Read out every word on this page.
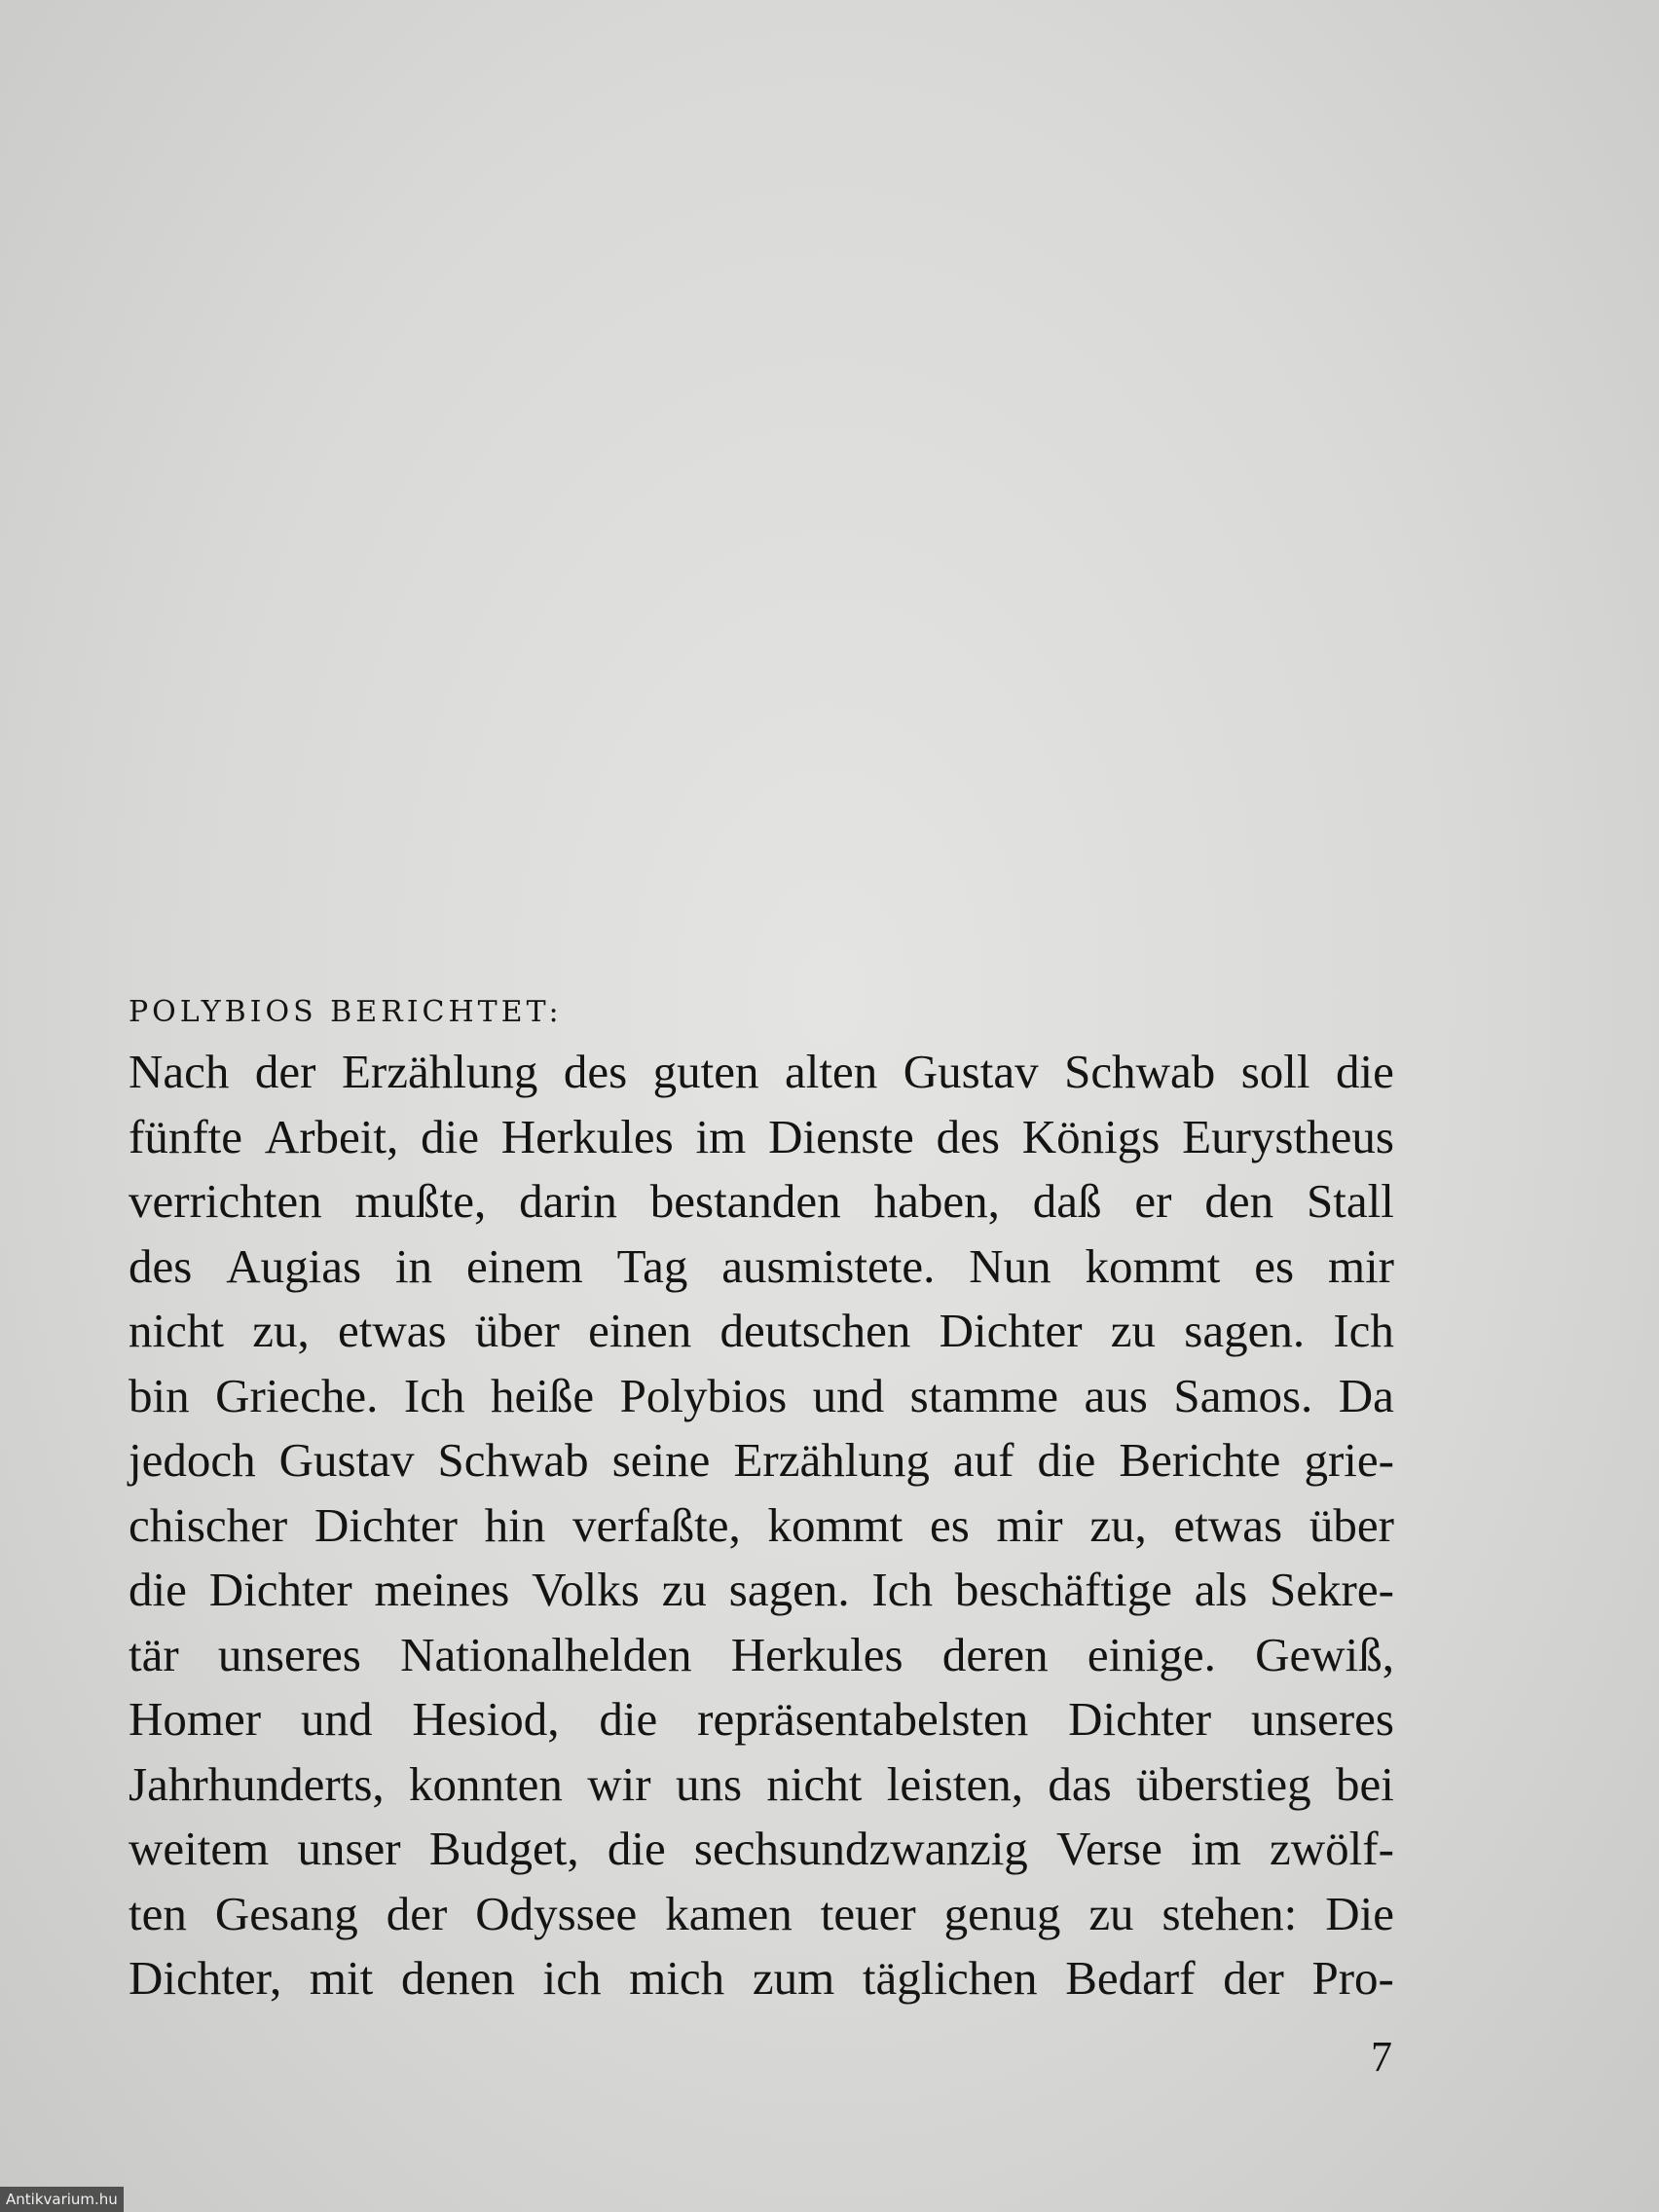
POLYBIOS BERICHTET:
Nach der Erzählung des guten alten Gustav Schwab soll die
fünfte Arbeit, die Herkules im Dienste des Königs Eurystheus
verrichten mußte, darin bestanden haben, daß er den Stall
des Augias in einem Tag ausmistete. Nun kommt es mir
nicht zu, etwas über einen deutschen Dichter zu sagen. Ich
bin Grieche. Ich heiße Polybios und stamme aus Samos. Da
jedoch Gustav Schwab seine Erzählung auf die Berichte grie-
chischer Dichter hin verfaßte, kommt es mir zu, etwas über
die Dichter meines Volks zu sagen. Ich beschäftige als Sekre-
tär unseres Nationalhelden Herkules deren einige. Gewiß,
Homer und Hesiod, die repräsentabelsten Dichter unseres
Jahrhunderts, konnten wir uns nicht leisten, das überstieg bei
weitem unser Budget, die sechsundzwanzig Verse im zwölf-
ten Gesang der Odyssee kamen teuer genug zu stehen: Die
Dichter, mit denen ich mich zum täglichen Bedarf der Pro-
7
Antikvarium.hu
